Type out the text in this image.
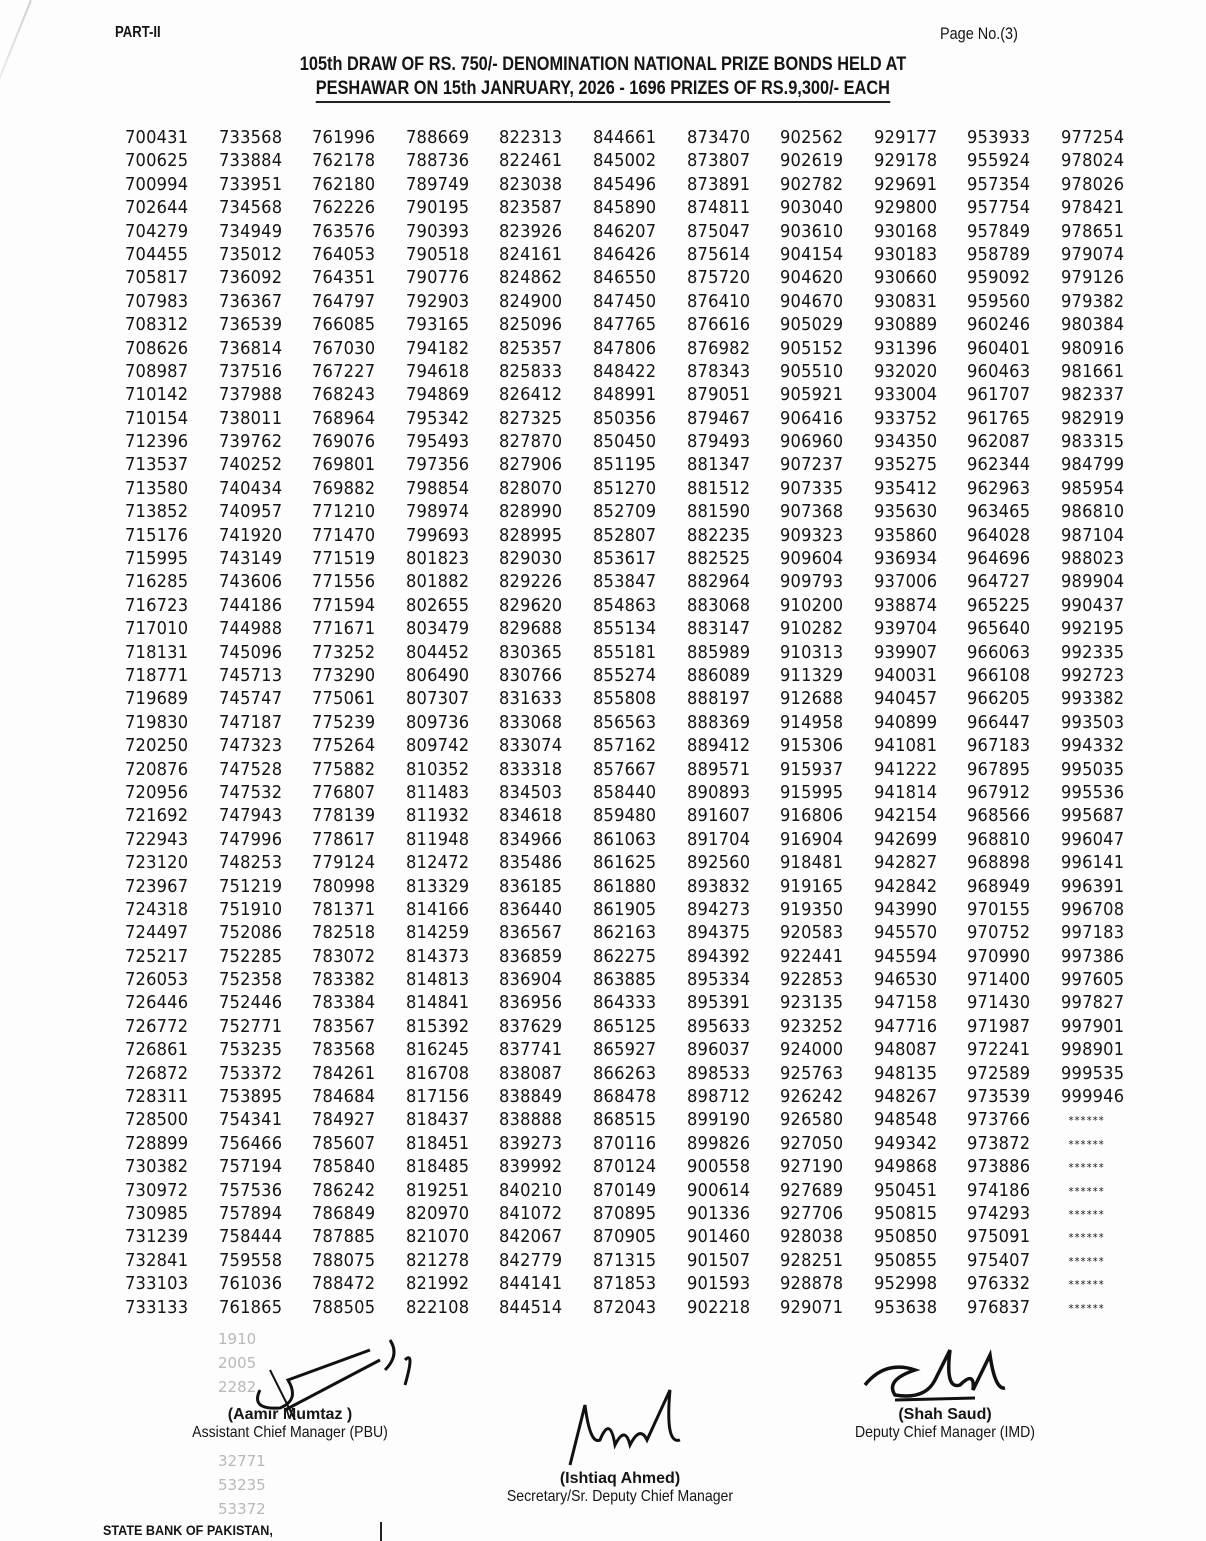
PART-II	Page No.(3)
105th DRAW OF RS. 750/- DENOMINATION NATIONAL PRIZE BONDS HELD AT
PESHAWAR ON 15th JANRUARY, 2026 - 1696 PRIZES OF RS.9,300/- EACH
700431
700625
700994
702644
704279
704455
705817
707983
708312
708626
708987
710142
710154
712396
713537
713580
713852
715176
715995
716285
716723
717010
718131
718771
719689
719830
720250
720876
720956
721692
722943
723120
723967
724318
724497
725217
726053
726446
726772
726861
726872
728311
728500
728899
730382
730972
730985
731239
732841
733103
733133
733568
733884
733951
734568
734949
735012
736092
736367
736539
736814
737516
737988
738011
739762
740252
740434
740957
741920
743149
743606
744186
744988
745096
745713
745747
747187
747323
747528
747532
747943
747996
748253
751219
751910
752086
752285
752358
752446
752771
753235
753372
753895
754341
756466
757194
757536
757894
758444
759558
761036
761865
761996
762178
762180
762226
763576
764053
764351
764797
766085
767030
767227
768243
768964
769076
769801
769882
771210
771470
771519
771556
771594
771671
773252
773290
775061
775239
775264
775882
776807
778139
778617
779124
780998
781371
782518
783072
783382
783384
783567
783568
784261
784684
784927
785607
785840
786242
786849
787885
788075
788472
788505
788669
788736
789749
790195
790393
790518
790776
792903
793165
794182
794618
794869
795342
795493
797356
798854
798974
799693
801823
801882
802655
803479
804452
806490
807307
809736
809742
810352
811483
811932
811948
812472
813329
814166
814259
814373
814813
814841
815392
816245
816708
817156
818437
818451
818485
819251
820970
821070
821278
821992
822108
822313
822461
823038
823587
823926
824161
824862
824900
825096
825357
825833
826412
827325
827870
827906
828070
828990
828995
829030
829226
829620
829688
830365
830766
831633
833068
833074
833318
834503
834618
834966
835486
836185
836440
836567
836859
836904
836956
837629
837741
838087
838849
838888
839273
839992
840210
841072
842067
842779
844141
844514
844661
845002
845496
845890
846207
846426
846550
847450
847765
847806
848422
848991
850356
850450
851195
851270
852709
852807
853617
853847
854863
855134
855181
855274
855808
856563
857162
857667
858440
859480
861063
861625
861880
861905
862163
862275
863885
864333
865125
865927
866263
868478
868515
870116
870124
870149
870895
870905
871315
871853
872043
873470
873807
873891
874811
875047
875614
875720
876410
876616
876982
878343
879051
879467
879493
881347
881512
881590
882235
882525
882964
883068
883147
885989
886089
888197
888369
889412
889571
890893
891607
891704
892560
893832
894273
894375
894392
895334
895391
895633
896037
898533
898712
899190
899826
900558
900614
901336
901460
901507
901593
902218
902562
902619
902782
903040
903610
904154
904620
904670
905029
905152
905510
905921
906416
906960
907237
907335
907368
909323
909604
909793
910200
910282
910313
911329
912688
914958
915306
915937
915995
916806
916904
918481
919165
919350
920583
922441
922853
923135
923252
924000
925763
926242
926580
927050
927190
927689
927706
928038
928251
928878
929071
929177
929178
929691
929800
930168
930183
930660
930831
930889
931396
932020
933004
933752
934350
935275
935412
935630
935860
936934
937006
938874
939704
939907
940031
940457
940899
941081
941222
941814
942154
942699
942827
942842
943990
945570
945594
946530
947158
947716
948087
948135
948267
948548
949342
949868
950451
950815
950850
950855
952998
953638
953933
955924
957354
957754
957849
958789
959092
959560
960246
960401
960463
961707
961765
962087
962344
962963
963465
964028
964696
964727
965225
965640
966063
966108
966205
966447
967183
967895
967912
968566
968810
968898
968949
970155
970752
970990
971400
971430
971987
972241
972589
973539
973766
973872
973886
974186
974293
975091
975407
976332
976837
977254
978024
978026
978421
978651
979074
979126
979382
980384
980916
981661
982337
982919
983315
984799
985954
986810
987104
988023
989904
990437
992195
992335
992723
993382
993503
994332
995035
995536
995687
996047
996141
996391
996708
997183
997386
997605
997827
997901
998901
999535
999946
******
******
******
******
******
******
******
******
******
1910
2005
2282
32771
53235
53372
(Aamir Mumtaz )
Assistant Chief Manager (PBU)
(Ishtiaq Ahmed)
Secretary/Sr. Deputy Chief Manager
(Shah Saud)
Deputy Chief Manager (IMD)
STATE BANK OF PAKISTAN,
